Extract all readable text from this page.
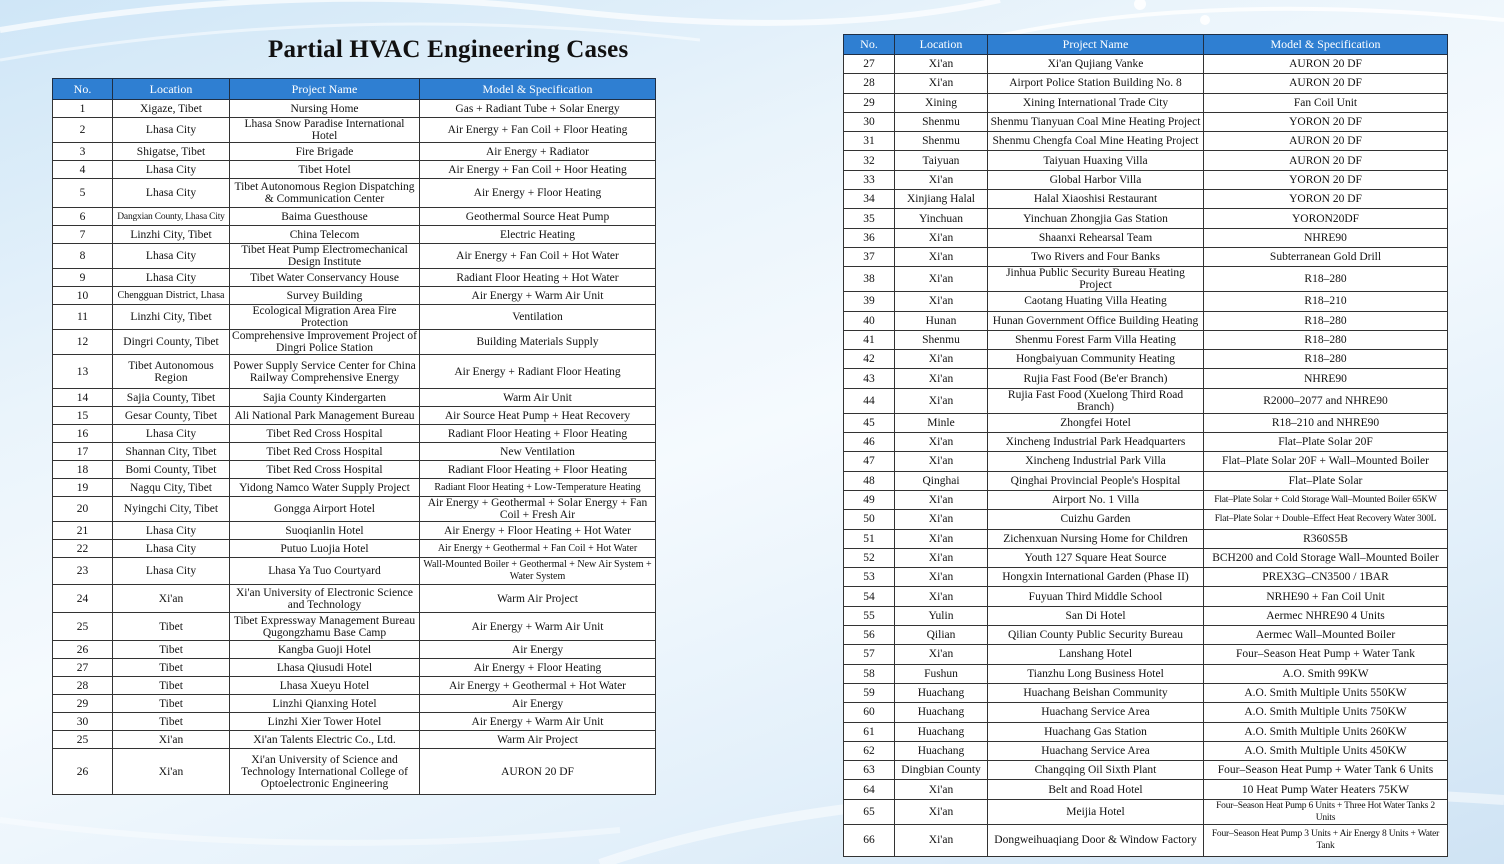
Partial HVAC Engineering Cases
No.	Location	Project Name	Model & Specification
1	Xigaze, Tibet	Nursing Home	Gas + Radiant Tube + Solar Energy
2	Lhasa City	Lhasa Snow Paradise International Hotel	Air Energy + Fan Coil + Floor Heating
3	Shigatse, Tibet	Fire Brigade	Air Energy + Radiator
4	Lhasa City	Tibet Hotel	Air Energy + Fan Coil + Hoor Heating
5	Lhasa City	Tibet Autonomous Region Dispatching & Communication Center	Air Energy + Floor Heating
6	Dangxian County, Lhasa City	Baima Guesthouse	Geothermal Source Heat Pump
7	Linzhi City, Tibet	China Telecom	Electric Heating
8	Lhasa City	Tibet Heat Pump Electromechanical Design Institute	Air Energy + Fan Coil + Hot Water
9	Lhasa City	Tibet Water Conservancy House	Radiant Floor Heating + Hot Water
10	Chengguan District, Lhasa	Survey Building	Air Energy + Warm Air Unit
11	Linzhi City, Tibet	Ecological Migration Area Fire Protection	Ventilation
12	Dingri County, Tibet	Comprehensive Improvement Project of Dingri Police Station	Building Materials Supply
13	Tibet Autonomous Region	Power Supply Service Center for China Railway Comprehensive Energy	Air Energy + Radiant Floor Heating
14	Sajia County, Tibet	Sajia County Kindergarten	Warm Air Unit
15	Gesar County, Tibet	Ali National Park Management Bureau	Air Source Heat Pump + Heat Recovery
16	Lhasa City	Tibet Red Cross Hospital	Radiant Floor Heating + Floor Heating
17	Shannan City, Tibet	Tibet Red Cross Hospital	New Ventilation
18	Bomi County, Tibet	Tibet Red Cross Hospital	Radiant Floor Heating + Floor Heating
19	Nagqu City, Tibet	Yidong Namco Water Supply Project	Radiant Floor Heating + Low-Temperature Heating
20	Nyingchi City, Tibet	Gongga Airport Hotel	Air Energy + Geothermal + Solar Energy + Fan Coil + Fresh Air
21	Lhasa City	Suoqianlin Hotel	Air Energy + Floor Heating + Hot Water
22	Lhasa City	Putuo Luojia Hotel	Air Energy + Geothermal + Fan Coil + Hot Water
23	Lhasa City	Lhasa Ya Tuo Courtyard	Wall-Mounted Boiler + Geothermal + New Air System + Water System
24	Xi'an	Xi'an University of Electronic Science and Technology	Warm Air Project
25	Tibet	Tibet Expressway Management Bureau Qugongzhamu Base Camp	Air Energy + Warm Air Unit
26	Tibet	Kangba Guoji Hotel	Air Energy
27	Tibet	Lhasa Qiusudi Hotel	Air Energy + Floor Heating
28	Tibet	Lhasa Xueyu Hotel	Air Energy + Geothermal + Hot Water
29	Tibet	Linzhi Qianxing Hotel	Air Energy
30	Tibet	Linzhi Xier Tower Hotel	Air Energy + Warm Air Unit
25	Xi'an	Xi'an Talents Electric Co., Ltd.	Warm Air Project
26	Xi'an	Xi'an University of Science and Technology International College of Optoelectronic Engineering	AURON 20 DF
No.	Location	Project Name	Model & Specification
27	Xi'an	Xi'an Qujiang Vanke	AURON 20 DF
28	Xi'an	Airport Police Station Building No. 8	AURON 20 DF
29	Xining	Xining International Trade City	Fan Coil Unit
30	Shenmu	Shenmu Tianyuan Coal Mine Heating Project	YORON 20 DF
31	Shenmu	Shenmu Chengfa Coal Mine Heating Project	AURON 20 DF
32	Taiyuan	Taiyuan Huaxing Villa	AURON 20 DF
33	Xi'an	Global Harbor Villa	YORON 20 DF
34	Xinjiang Halal	Halal Xiaoshisi Restaurant	YORON 20 DF
35	Yinchuan	Yinchuan Zhongjia Gas Station	YORON20DF
36	Xi'an	Shaanxi Rehearsal Team	NHRE90
37	Xi'an	Two Rivers and Four Banks	Subterranean Gold Drill
38	Xi'an	Jinhua Public Security Bureau Heating Project	R18–280
39	Xi'an	Caotang Huating Villa Heating	R18–210
40	Hunan	Hunan Government Office Building Heating	R18–280
41	Shenmu	Shenmu Forest Farm Villa Heating	R18–280
42	Xi'an	Hongbaiyuan Community Heating	R18–280
43	Xi'an	Rujia Fast Food (Be'er Branch)	NHRE90
44	Xi'an	Rujia Fast Food (Xuelong Third Road Branch)	R2000–2077 and NHRE90
45	Minle	Zhongfei Hotel	R18–210 and NHRE90
46	Xi'an	Xincheng Industrial Park Headquarters	Flat–Plate Solar 20F
47	Xi'an	Xincheng Industrial Park Villa	Flat–Plate Solar 20F + Wall–Mounted Boiler
48	Qinghai	Qinghai Provincial People's Hospital	Flat–Plate Solar
49	Xi'an	Airport No. 1 Villa	Flat–Plate Solar + Cold Storage Wall–Mounted Boiler 65KW
50	Xi'an	Cuizhu Garden	Flat–Plate Solar + Double–Effect Heat Recovery Water 300L
51	Xi'an	Zichenxuan Nursing Home for Children	R360S5B
52	Xi'an	Youth 127 Square Heat Source	BCH200 and Cold Storage Wall–Mounted Boiler
53	Xi'an	Hongxin International Garden (Phase II)	PREX3G–CN3500 / 1BAR
54	Xi'an	Fuyuan Third Middle School	NRHE90 + Fan Coil Unit
55	Yulin	San Di Hotel	Aermec NHRE90 4 Units
56	Qilian	Qilian County Public Security Bureau	Aermec Wall–Mounted Boiler
57	Xi'an	Lanshang Hotel	Four–Season Heat Pump + Water Tank
58	Fushun	Tianzhu Long Business Hotel	A.O. Smith 99KW
59	Huachang	Huachang Beishan Community	A.O. Smith Multiple Units 550KW
60	Huachang	Huachang Service Area	A.O. Smith Multiple Units 750KW
61	Huachang	Huachang Gas Station	A.O. Smith Multiple Units 260KW
62	Huachang	Huachang Service Area	A.O. Smith Multiple Units 450KW
63	Dingbian County	Changqing Oil Sixth Plant	Four–Season Heat Pump + Water Tank 6 Units
64	Xi'an	Belt and Road Hotel	10 Heat Pump Water Heaters 75KW
65	Xi'an	Meijia Hotel	Four–Season Heat Pump 6 Units + Three Hot Water Tanks 2 Units
66	Xi'an	Dongweihuaqiang Door & Window Factory	Four–Season Heat Pump 3 Units + Air Energy 8 Units + Water Tank
